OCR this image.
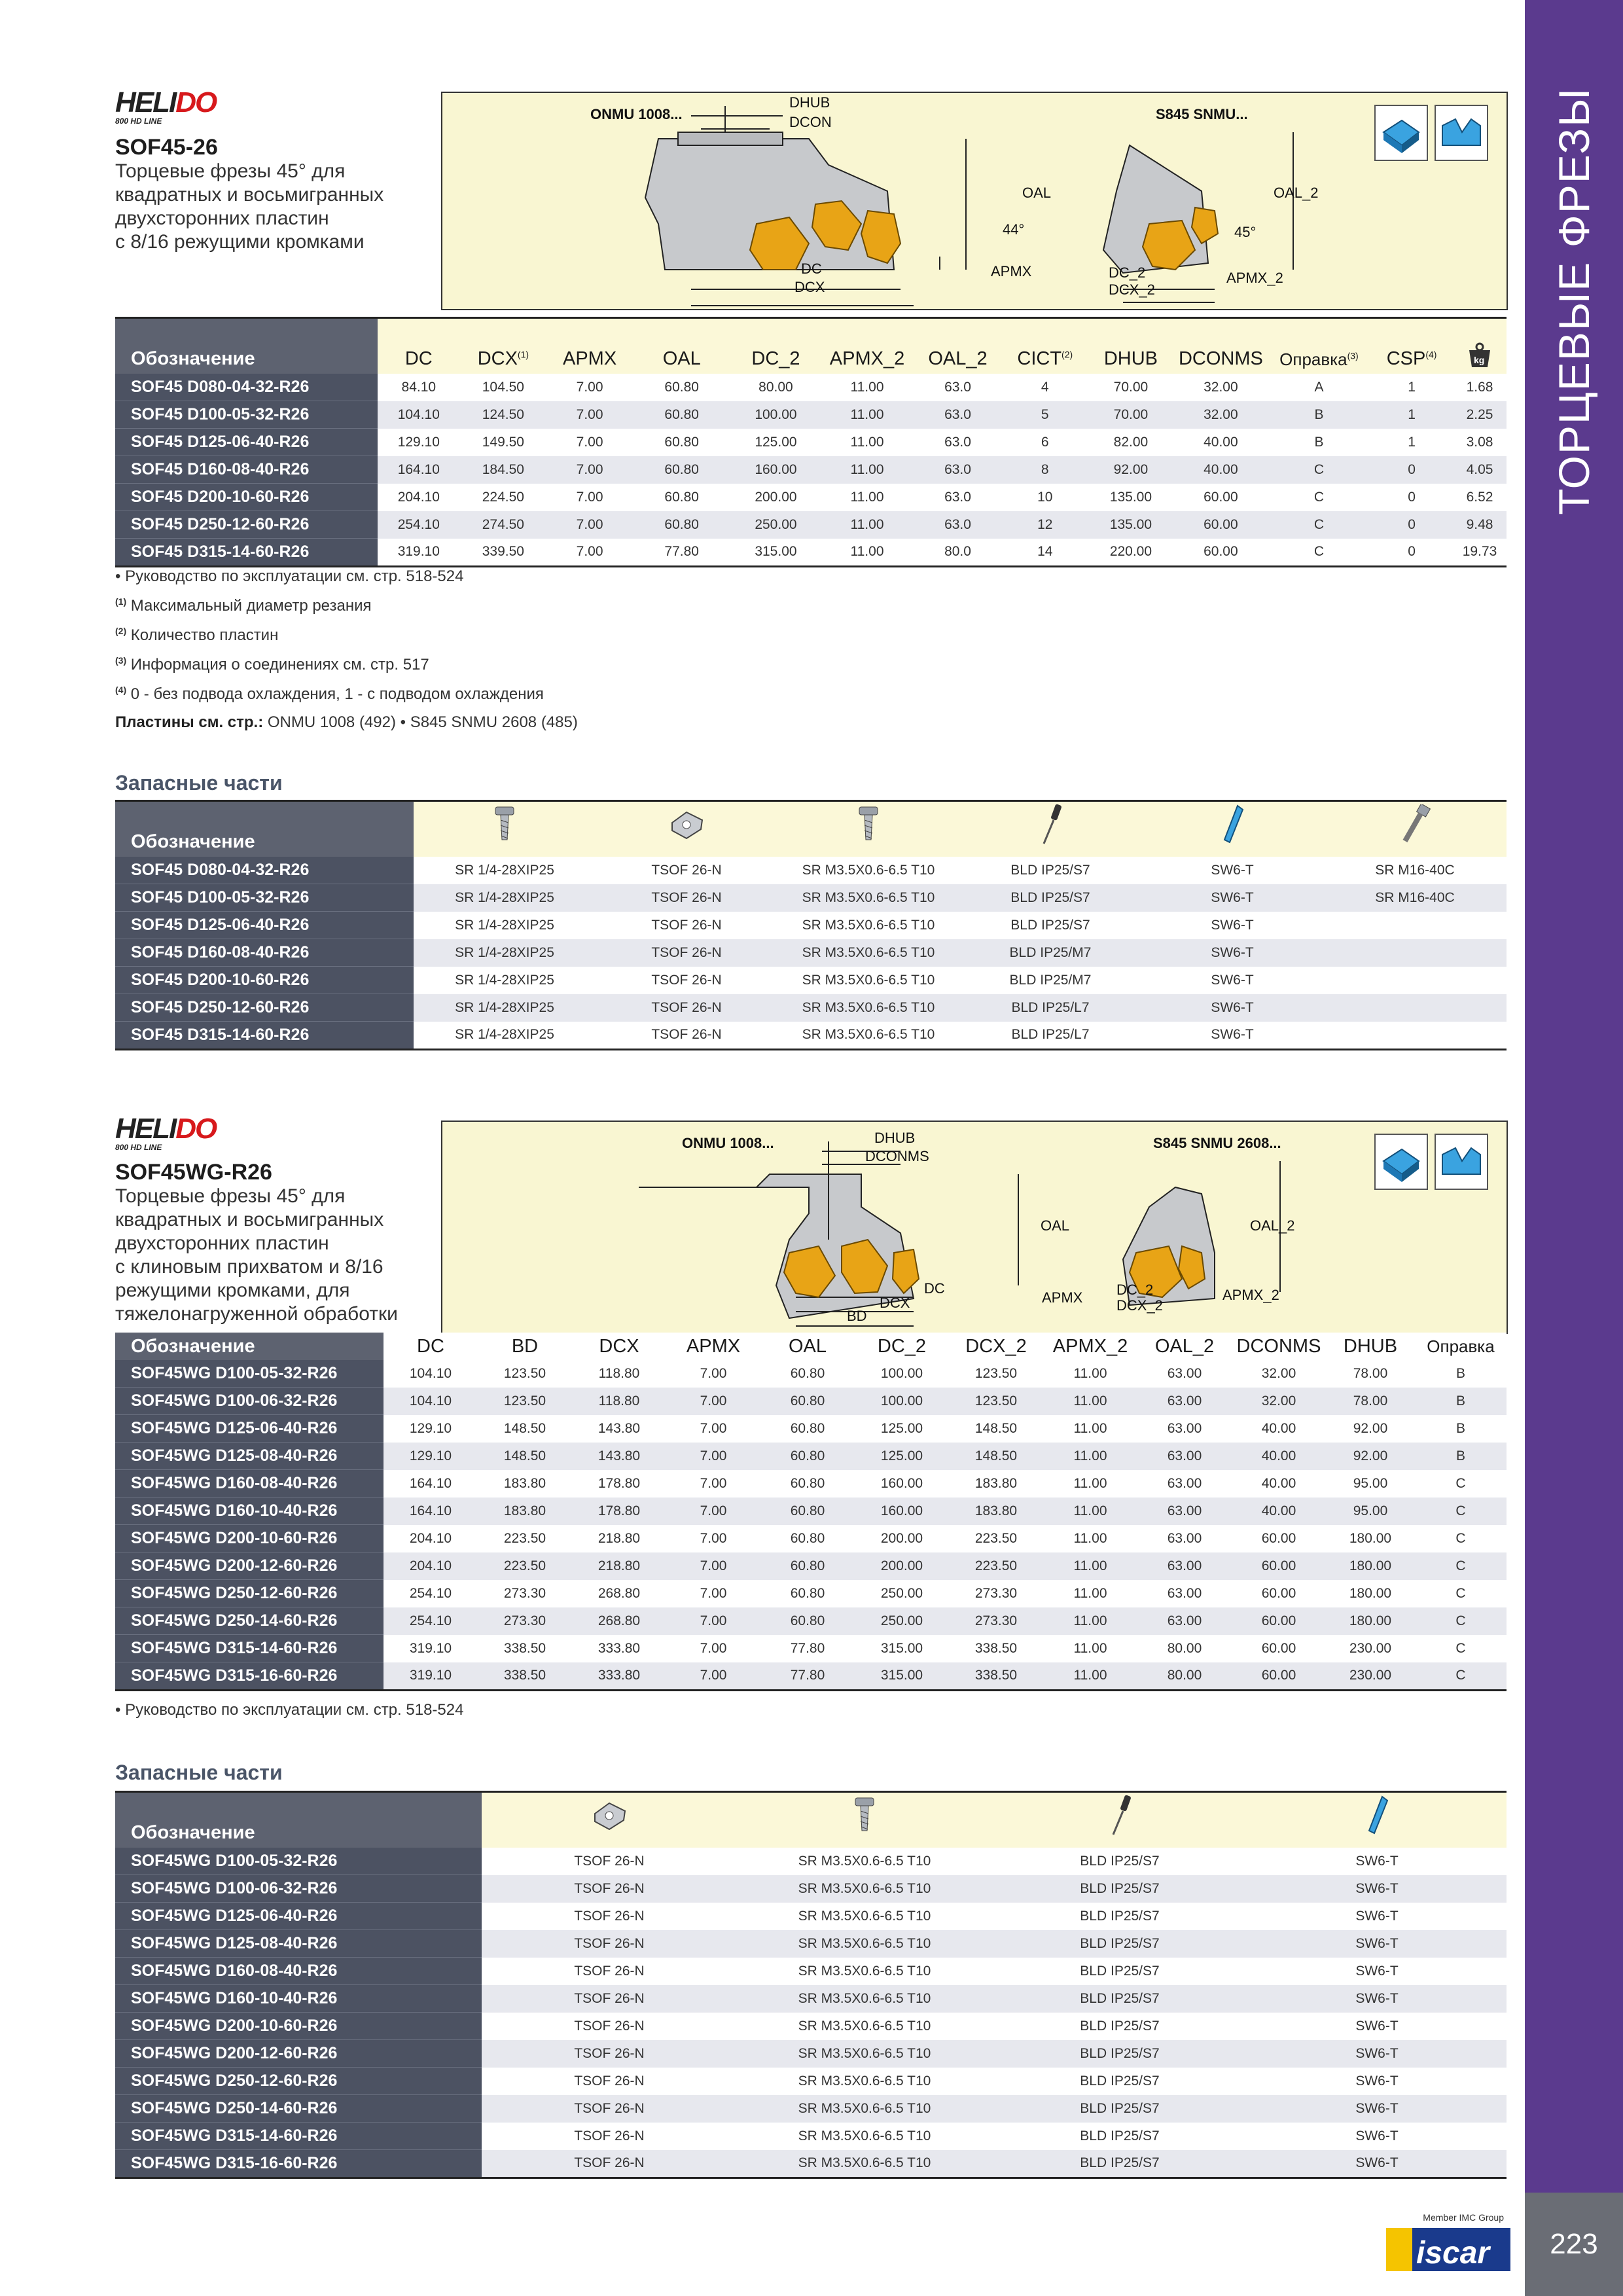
ТОРЦЕВЫЕ ФРЕЗЫ
223
HELIDO
800 HD LINE
SOF45-26
Торцевые фрезы 45° для
квадратных и восьмигранных
двухсторонних пластин
с 8/16 режущими кромками
ONMU 1008...	S845 SNMU...
DHUB
DCON
OAL
44°
APMX
DC
DCX
OAL_2
45°
DC_2
DCX_2
APMX_2
Обозначение	DC	DCX$^{(1)}$	APMX	OAL	DC_2	APMX_2	OAL_2	CICT$^{(2)}$	DHUB	DCONMS	Оправка$^{(3)}$	CSP$^{(4)}$	kg

SOF45 D080-04-32-R26	84.10	104.50	7.00	60.80	80.00	11.00	63.0	4	70.00	32.00	A	1	1.68
SOF45 D100-05-32-R26	104.10	124.50	7.00	60.80	100.00	11.00	63.0	5	70.00	32.00	B	1	2.25
SOF45 D125-06-40-R26	129.10	149.50	7.00	60.80	125.00	11.00	63.0	6	82.00	40.00	B	1	3.08
SOF45 D160-08-40-R26	164.10	184.50	7.00	60.80	160.00	11.00	63.0	8	92.00	40.00	C	0	4.05
SOF45 D200-10-60-R26	204.10	224.50	7.00	60.80	200.00	11.00	63.0	10	135.00	60.00	C	0	6.52
SOF45 D250-12-60-R26	254.10	274.50	7.00	60.80	250.00	11.00	63.0	12	135.00	60.00	C	0	9.48
SOF45 D315-14-60-R26	319.10	339.50	7.00	77.80	315.00	11.00	80.0	14	220.00	60.00	C	0	19.73
• Руководство по эксплуатации см. стр. 518-524
$^{(1)}$ Максимальный диаметр резания
$^{(2)}$ Количество пластин
$^{(3)}$ Информация о соединениях см. стр. 517
$^{(4)}$ 0 - без подвода охлаждения, 1 - с подводом охлаждения
Пластины см. стр.: ONMU 1008 (492) • S845 SNMU 2608 (485)
Запасные части
Обозначение						
SOF45 D080-04-32-R26	SR 1/4-28XIP25	TSOF 26-N	SR M3.5X0.6-6.5 T10	BLD IP25/S7	SW6-T	SR M16-40C
SOF45 D100-05-32-R26	SR 1/4-28XIP25	TSOF 26-N	SR M3.5X0.6-6.5 T10	BLD IP25/S7	SW6-T	SR M16-40C
SOF45 D125-06-40-R26	SR 1/4-28XIP25	TSOF 26-N	SR M3.5X0.6-6.5 T10	BLD IP25/S7	SW6-T	
SOF45 D160-08-40-R26	SR 1/4-28XIP25	TSOF 26-N	SR M3.5X0.6-6.5 T10	BLD IP25/M7	SW6-T	
SOF45 D200-10-60-R26	SR 1/4-28XIP25	TSOF 26-N	SR M3.5X0.6-6.5 T10	BLD IP25/M7	SW6-T	
SOF45 D250-12-60-R26	SR 1/4-28XIP25	TSOF 26-N	SR M3.5X0.6-6.5 T10	BLD IP25/L7	SW6-T	
SOF45 D315-14-60-R26	SR 1/4-28XIP25	TSOF 26-N	SR M3.5X0.6-6.5 T10	BLD IP25/L7	SW6-T	
HELIDO
800 HD LINE
SOF45WG-R26
Торцевые фрезы 45° для
квадратных и восьмигранных
двухсторонних пластин
с клиновым прихватом и 8/16
режущими кромками, для
тяжелонагруженной обработки
ONMU 1008...	S845 SNMU 2608...
DHUB
DCONMS
OAL
DC
DCX
BD
APMX
OAL_2
DC_2
DCX_2
APMX_2
Обозначение	DC	BD	DCX	APMX	OAL	DC_2	DCX_2	APMX_2	OAL_2	DCONMS	DHUB	Оправка
SOF45WG D100-05-32-R26	104.10	123.50	118.80	7.00	60.80	100.00	123.50	11.00	63.00	32.00	78.00	B
SOF45WG D100-06-32-R26	104.10	123.50	118.80	7.00	60.80	100.00	123.50	11.00	63.00	32.00	78.00	B
SOF45WG D125-06-40-R26	129.10	148.50	143.80	7.00	60.80	125.00	148.50	11.00	63.00	40.00	92.00	B
SOF45WG D125-08-40-R26	129.10	148.50	143.80	7.00	60.80	125.00	148.50	11.00	63.00	40.00	92.00	B
SOF45WG D160-08-40-R26	164.10	183.80	178.80	7.00	60.80	160.00	183.80	11.00	63.00	40.00	95.00	C
SOF45WG D160-10-40-R26	164.10	183.80	178.80	7.00	60.80	160.00	183.80	11.00	63.00	40.00	95.00	C
SOF45WG D200-10-60-R26	204.10	223.50	218.80	7.00	60.80	200.00	223.50	11.00	63.00	60.00	180.00	C
SOF45WG D200-12-60-R26	204.10	223.50	218.80	7.00	60.80	200.00	223.50	11.00	63.00	60.00	180.00	C
SOF45WG D250-12-60-R26	254.10	273.30	268.80	7.00	60.80	250.00	273.30	11.00	63.00	60.00	180.00	C
SOF45WG D250-14-60-R26	254.10	273.30	268.80	7.00	60.80	250.00	273.30	11.00	63.00	60.00	180.00	C
SOF45WG D315-14-60-R26	319.10	338.50	333.80	7.00	77.80	315.00	338.50	11.00	80.00	60.00	230.00	C
SOF45WG D315-16-60-R26	319.10	338.50	333.80	7.00	77.80	315.00	338.50	11.00	80.00	60.00	230.00	C
• Руководство по эксплуатации см. стр. 518-524
Запасные части
Обозначение				
SOF45WG D100-05-32-R26	TSOF 26-N	SR M3.5X0.6-6.5 T10	BLD IP25/S7	SW6-T
SOF45WG D100-06-32-R26	TSOF 26-N	SR M3.5X0.6-6.5 T10	BLD IP25/S7	SW6-T
SOF45WG D125-06-40-R26	TSOF 26-N	SR M3.5X0.6-6.5 T10	BLD IP25/S7	SW6-T
SOF45WG D125-08-40-R26	TSOF 26-N	SR M3.5X0.6-6.5 T10	BLD IP25/S7	SW6-T
SOF45WG D160-08-40-R26	TSOF 26-N	SR M3.5X0.6-6.5 T10	BLD IP25/S7	SW6-T
SOF45WG D160-10-40-R26	TSOF 26-N	SR M3.5X0.6-6.5 T10	BLD IP25/S7	SW6-T
SOF45WG D200-10-60-R26	TSOF 26-N	SR M3.5X0.6-6.5 T10	BLD IP25/S7	SW6-T
SOF45WG D200-12-60-R26	TSOF 26-N	SR M3.5X0.6-6.5 T10	BLD IP25/S7	SW6-T
SOF45WG D250-12-60-R26	TSOF 26-N	SR M3.5X0.6-6.5 T10	BLD IP25/S7	SW6-T
SOF45WG D250-14-60-R26	TSOF 26-N	SR M3.5X0.6-6.5 T10	BLD IP25/S7	SW6-T
SOF45WG D315-14-60-R26	TSOF 26-N	SR M3.5X0.6-6.5 T10	BLD IP25/S7	SW6-T
SOF45WG D315-16-60-R26	TSOF 26-N	SR M3.5X0.6-6.5 T10	BLD IP25/S7	SW6-T
Member IMC Group
iscar
